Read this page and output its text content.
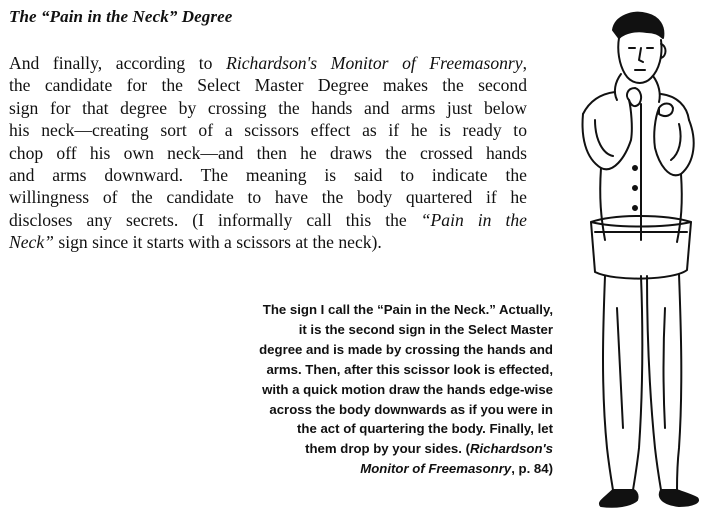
The “Pain in the Neck” Degree
And finally, according to Richardson's Monitor of Freemasonry,
the candidate for the Select Master Degree makes the second
sign for that degree by crossing the hands and arms just below
his neck—creating sort of a scissors effect as if he is ready to
chop off his own neck—and then he draws the crossed hands
and arms downward. The meaning is said to indicate the
willingness of the candidate to have the body quartered if he
discloses any secrets. (I informally call this the “Pain in the
Neck” sign since it starts with a scissors at the neck).
The sign I call the “Pain in the Neck.” Actually,
it is the second sign in the Select Master
degree and is made by crossing the hands and
arms. Then, after this scissor look is effected,
with a quick motion draw the hands edge-wise
across the body downwards as if you were in
the act of quartering the body. Finally, let
them drop by your sides. (Richardson's
Monitor of Freemasonry, p. 84)
